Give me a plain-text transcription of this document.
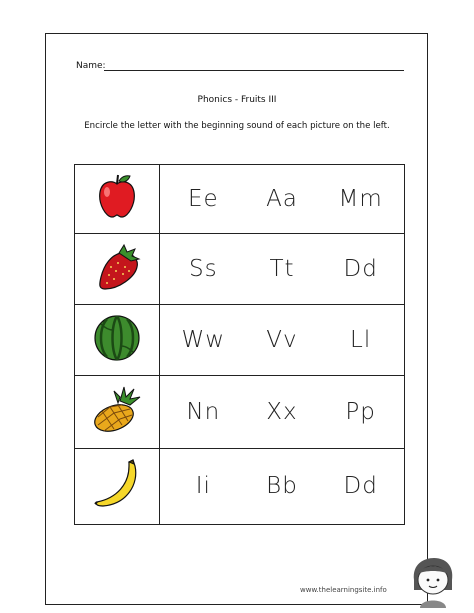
Name:
Phonics - Fruits III
Encircle the letter with the beginning sound of each picture on the left.

Ee Aa Mm

Ss Tt Dd

Ww Vv Ll

Nn Xx Pp

Ii Bb Dd
www.thelearningsite.info
